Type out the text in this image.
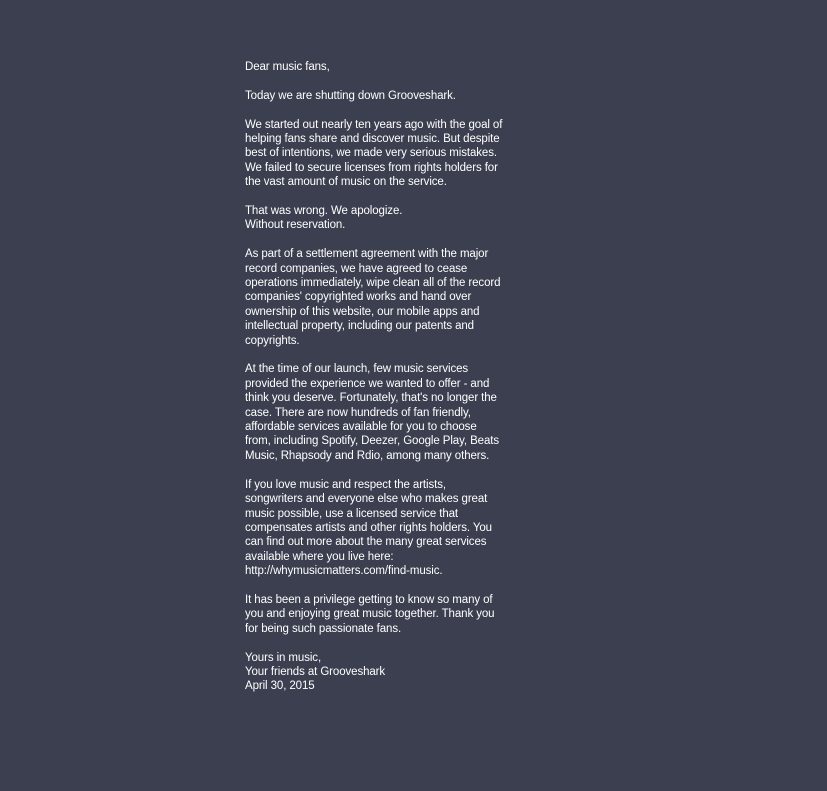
Dear music fans,

Today we are shutting down Grooveshark.

We started out nearly ten years ago with the goal of
helping fans share and discover music. But despite
best of intentions, we made very serious mistakes.
We failed to secure licenses from rights holders for
the vast amount of music on the service.

That was wrong. We apologize.
Without reservation.

As part of a settlement agreement with the major
record companies, we have agreed to cease
operations immediately, wipe clean all of the record
companies' copyrighted works and hand over
ownership of this website, our mobile apps and
intellectual property, including our patents and
copyrights.

At the time of our launch, few music services
provided the experience we wanted to offer - and
think you deserve. Fortunately, that's no longer the
case. There are now hundreds of fan friendly,
affordable services available for you to choose
from, including Spotify, Deezer, Google Play, Beats
Music, Rhapsody and Rdio, among many others.

If you love music and respect the artists,
songwriters and everyone else who makes great
music possible, use a licensed service that
compensates artists and other rights holders. You
can find out more about the many great services
available where you live here:
http://whymusicmatters.com/find-music.

It has been a privilege getting to know so many of
you and enjoying great music together. Thank you
for being such passionate fans.

Yours in music,
Your friends at Grooveshark
April 30, 2015
